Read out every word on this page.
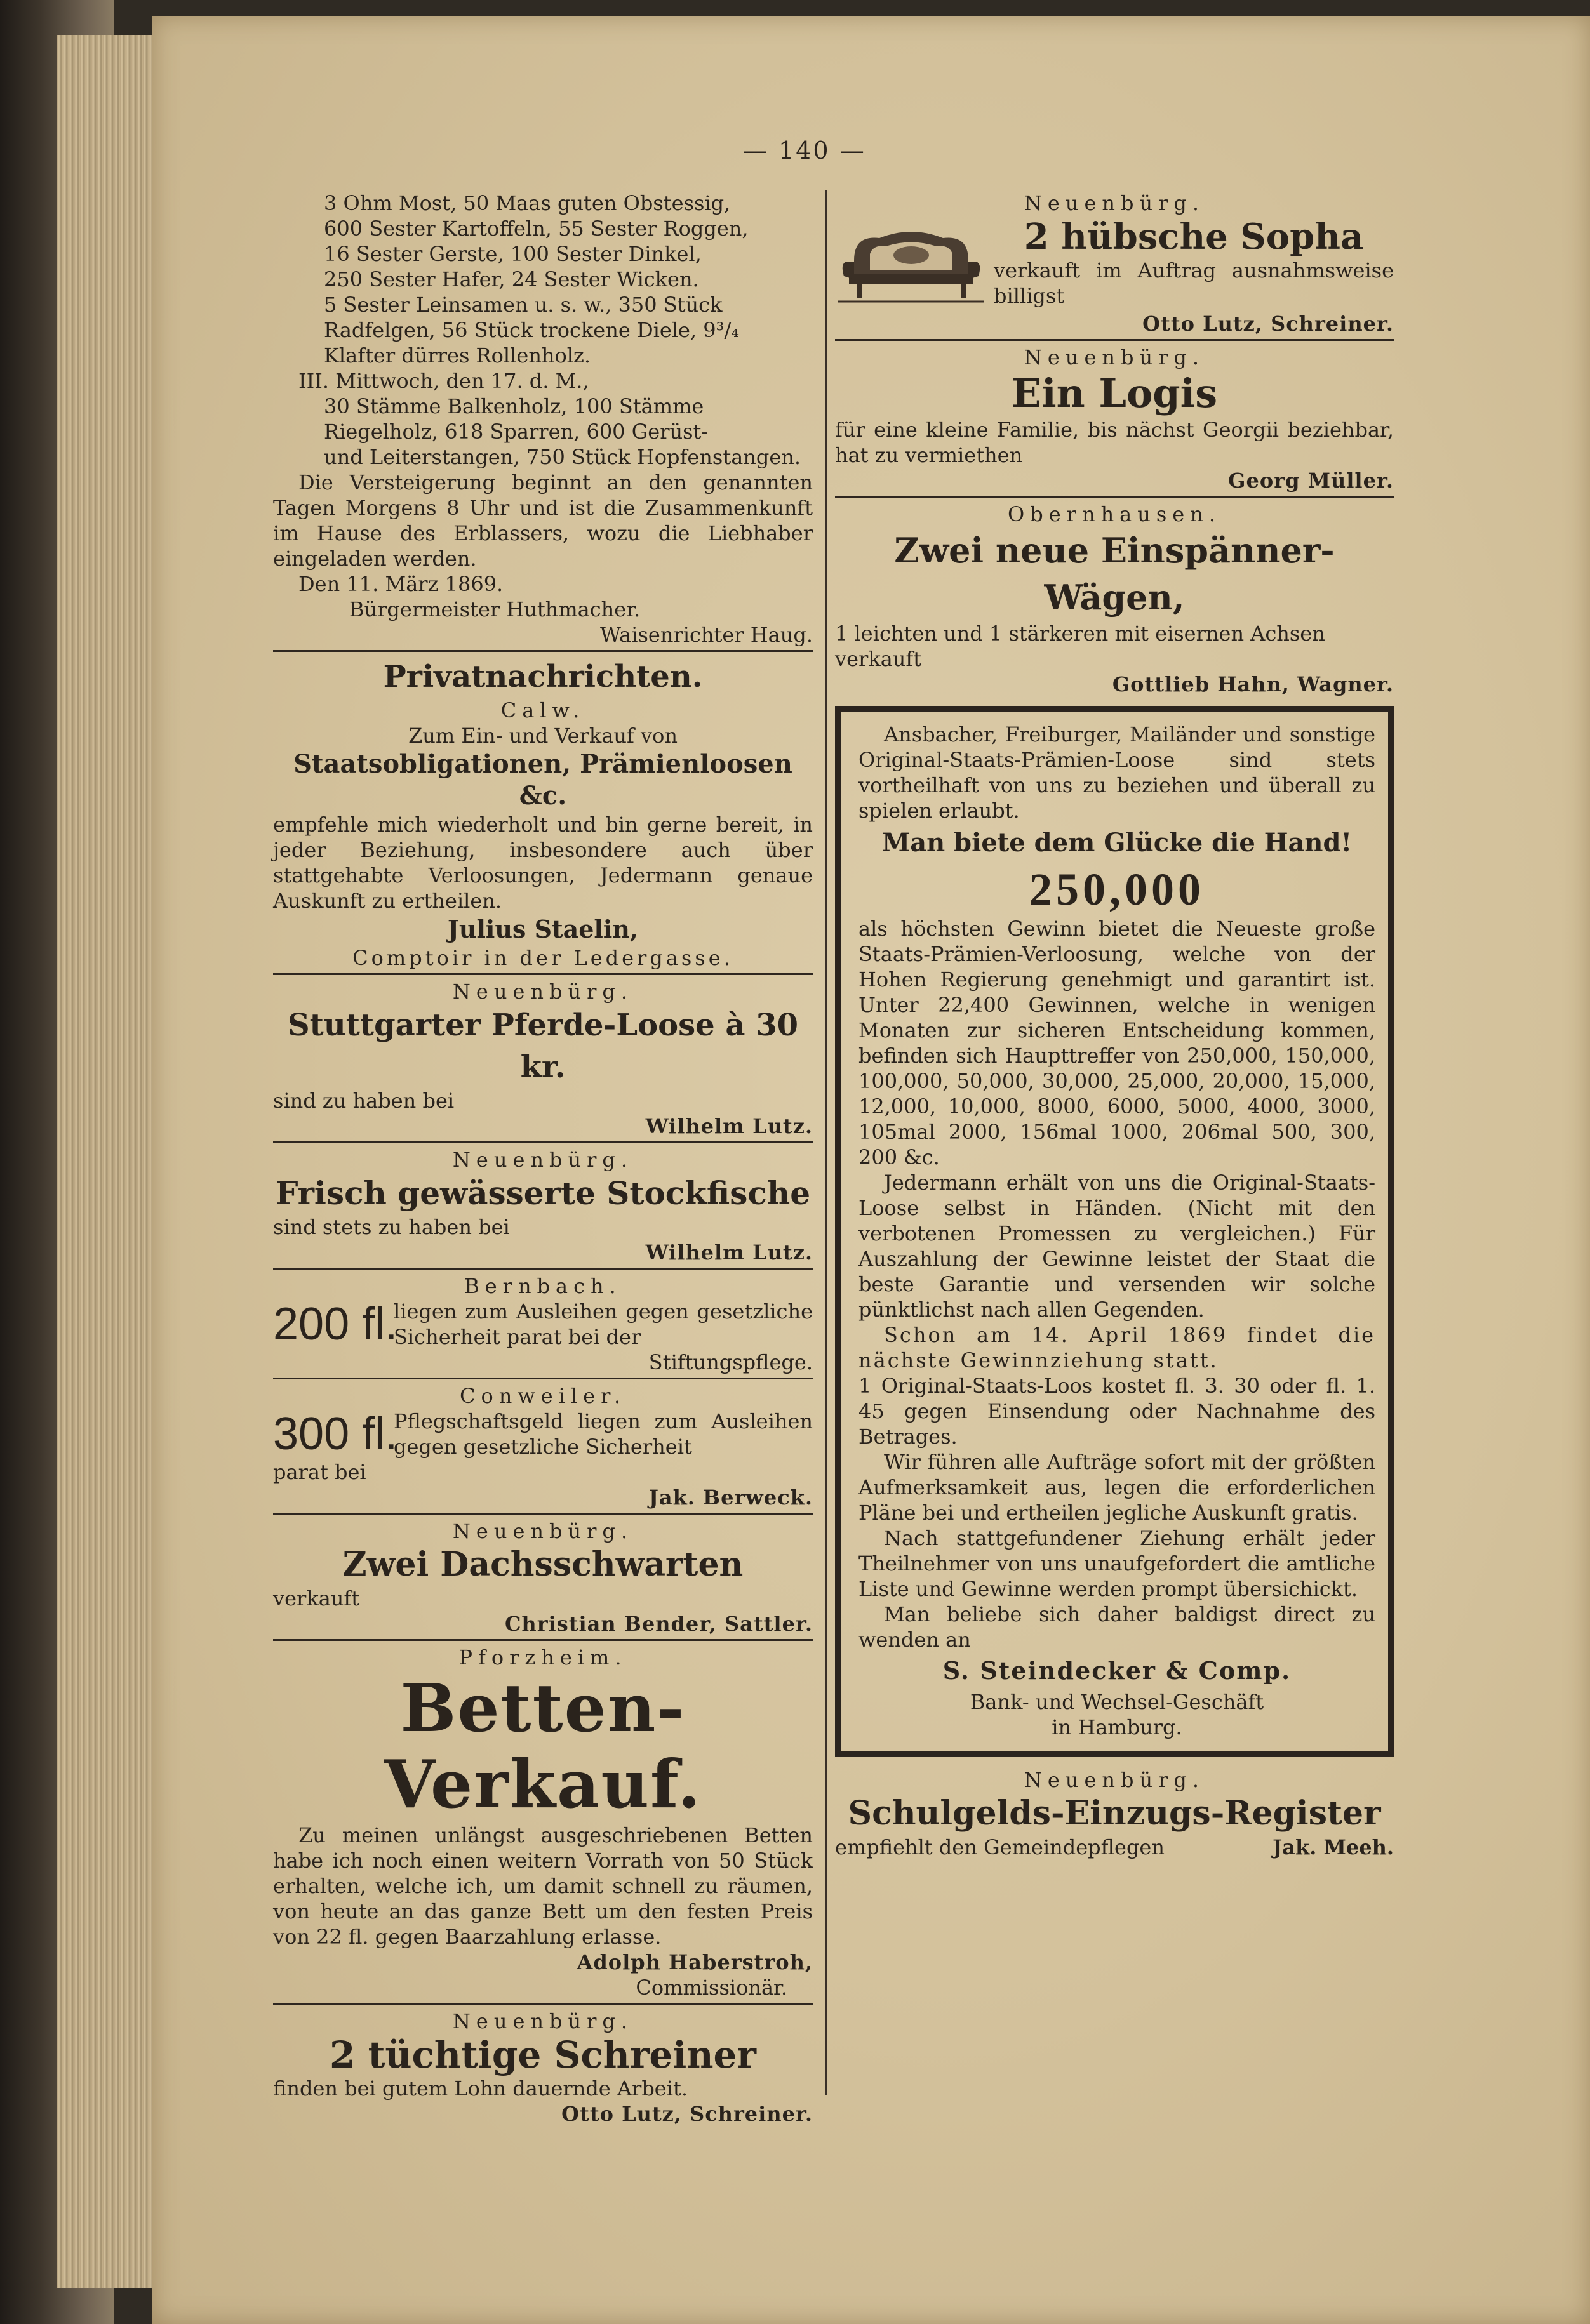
— 140 —

3 Ohm Most, 50 Maas guten Obstessig,

600 Sester Kartoffeln, 55 Sester Roggen,

16 Sester Gerste, 100 Sester Dinkel,

250 Sester Hafer, 24 Sester Wicken.

5 Sester Leinsamen u. s. w., 350 Stück

Radfelgen, 56 Stück trockene Diele, 9³/₄

Klafter dürres Rollenholz.

III. Mittwoch, den 17. d. M.,

30 Stämme Balkenholz, 100 Stämme

Riegelholz, 618 Sparren, 600 Gerüst-

und Leiterstangen, 750 Stück Hopfenstangen.

Die Versteigerung beginnt an den genannten Tagen Morgens 8 Uhr und ist die Zusammenkunft im Hause des Erblassers, wozu die Liebhaber eingeladen werden.

Den 11. März 1869.

Bürgermeister Huthmacher.

Waisenrichter Haug.

Privatnachrichten.

Calw.

Zum Ein- und Verkauf von

Staatsobligationen, Prämienloosen &c.

empfehle mich wiederholt und bin gerne bereit, in jeder Beziehung, insbesondere auch über stattgehabte Verloosungen, Jedermann genaue Auskunft zu ertheilen.

Julius Staelin,

Comptoir in der Ledergasse.

Neuenbürg.

Stuttgarter Pferde-Loose à 30 kr.

sind zu haben bei

Wilhelm Lutz.

Neuenbürg.

Frisch gewässerte Stockfische

sind stets zu haben bei

Wilhelm Lutz.

Bernbach.

200 fl.
liegen zum Ausleihen gegen gesetzliche Sicherheit parat bei der

Stiftungspflege.

Conweiler.

300 fl.
Pflegschaftsgeld liegen zum Ausleihen gegen gesetzliche Sicherheit

parat bei

Jak. Berweck.

Neuenbürg.

Zwei Dachsschwarten

verkauft

Christian Bender, Sattler.

Pforzheim.

Betten-Verkauf.

Zu meinen unlängst ausgeschriebenen Betten habe ich noch einen weitern Vorrath von 50 Stück erhalten, welche ich, um damit schnell zu räumen, von heute an das ganze Bett um den festen Preis von 22 fl. gegen Baarzahlung erlasse.

Adolph Haberstroh,

Commissionär.

Neuenbürg.

2 tüchtige Schreiner

finden bei gutem Lohn dauernde Arbeit.

Otto Lutz, Schreiner.

Neuenbürg.

2 hübsche Sopha

verkauft im Auftrag ausnahmsweise billigst

Otto Lutz, Schreiner.

Neuenbürg.

Ein Logis

für eine kleine Familie, bis nächst Georgii beziehbar, hat zu vermiethen

Georg Müller.

Obernhausen.

Zwei neue Einspänner-Wägen,

1 leichten und 1 stärkeren mit eisernen Achsen verkauft

Gottlieb Hahn, Wagner.

Ansbacher, Freiburger, Mailänder und sonstige Original-Staats-Prämien-Loose sind stets vortheilhaft von uns zu beziehen und überall zu spielen erlaubt.

Man biete dem Glücke die Hand!

250,000

als höchsten Gewinn bietet die Neueste große Staats-Prämien-Verloosung, welche von der Hohen Regierung genehmigt und garantirt ist. Unter 22,400 Gewinnen, welche in wenigen Monaten zur sicheren Entscheidung kommen, befinden sich Haupttreffer von 250,000, 150,000, 100,000, 50,000, 30,000, 25,000, 20,000, 15,000, 12,000, 10,000, 8000, 6000, 5000, 4000, 3000, 105mal 2000, 156mal 1000, 206mal 500, 300, 200 &c.

Jedermann erhält von uns die Original-Staats-Loose selbst in Händen. (Nicht mit den verbotenen Promessen zu vergleichen.) Für Auszahlung der Gewinne leistet der Staat die beste Garantie und versenden wir solche pünktlichst nach allen Gegenden.

Schon am 14. April 1869 findet die nächste Gewinnziehung statt.

1 Original-Staats-Loos kostet fl. 3. 30 oder fl. 1. 45 gegen Einsendung oder Nachnahme des Betrages.

Wir führen alle Aufträge sofort mit der größten Aufmerksamkeit aus, legen die erforderlichen Pläne bei und ertheilen jegliche Auskunft gratis.

Nach stattgefundener Ziehung erhält jeder Theilnehmer von uns unaufgefordert die amtliche Liste und Gewinne werden prompt übersichickt.

Man beliebe sich daher baldigst direct zu wenden an

S. Steindecker & Comp.

Bank- und Wechsel-Geschäft

in Hamburg.

Neuenbürg.

Schulgelds-Einzugs-Register

empfiehlt den Gemeindepflegen	Jak. Meeh.
